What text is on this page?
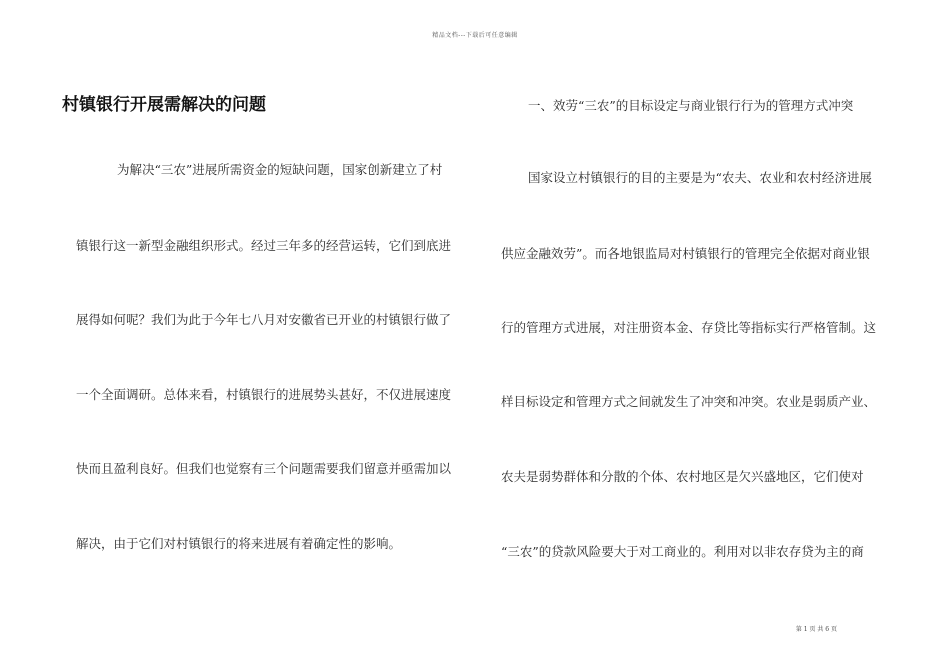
精品文档---下载后可任意编辑
村镇银行开展需解决的问题
为解决“三农”进展所需资金的短缺问题，国家创新建立了村
镇银行这一新型金融组织形式。经过三年多的经营运转，它们到底进
展得如何呢？我们为此于今年七八月对安徽省已开业的村镇银行做了
一个全面调研。总体来看，村镇银行的进展势头甚好，不仅进展速度
快而且盈利良好。但我们也觉察有三个问题需要我们留意并亟需加以
解决，由于它们对村镇银行的将来进展有着确定性的影响。
一、效劳“三农”的目标设定与商业银行行为的管理方式冲突
国家设立村镇银行的目的主要是为“农夫、农业和农村经济进展
供应金融效劳”。而各地银监局对村镇银行的管理完全依据对商业银
行的管理方式进展，对注册资本金、存贷比等指标实行严格管制。这
样目标设定和管理方式之间就发生了冲突和冲突。农业是弱质产业、
农夫是弱势群体和分散的个体、农村地区是欠兴盛地区，它们使对
“三农”的贷款风险要大于对工商业的。利用对以非农存贷为主的商
第 1 页 共 6 页
